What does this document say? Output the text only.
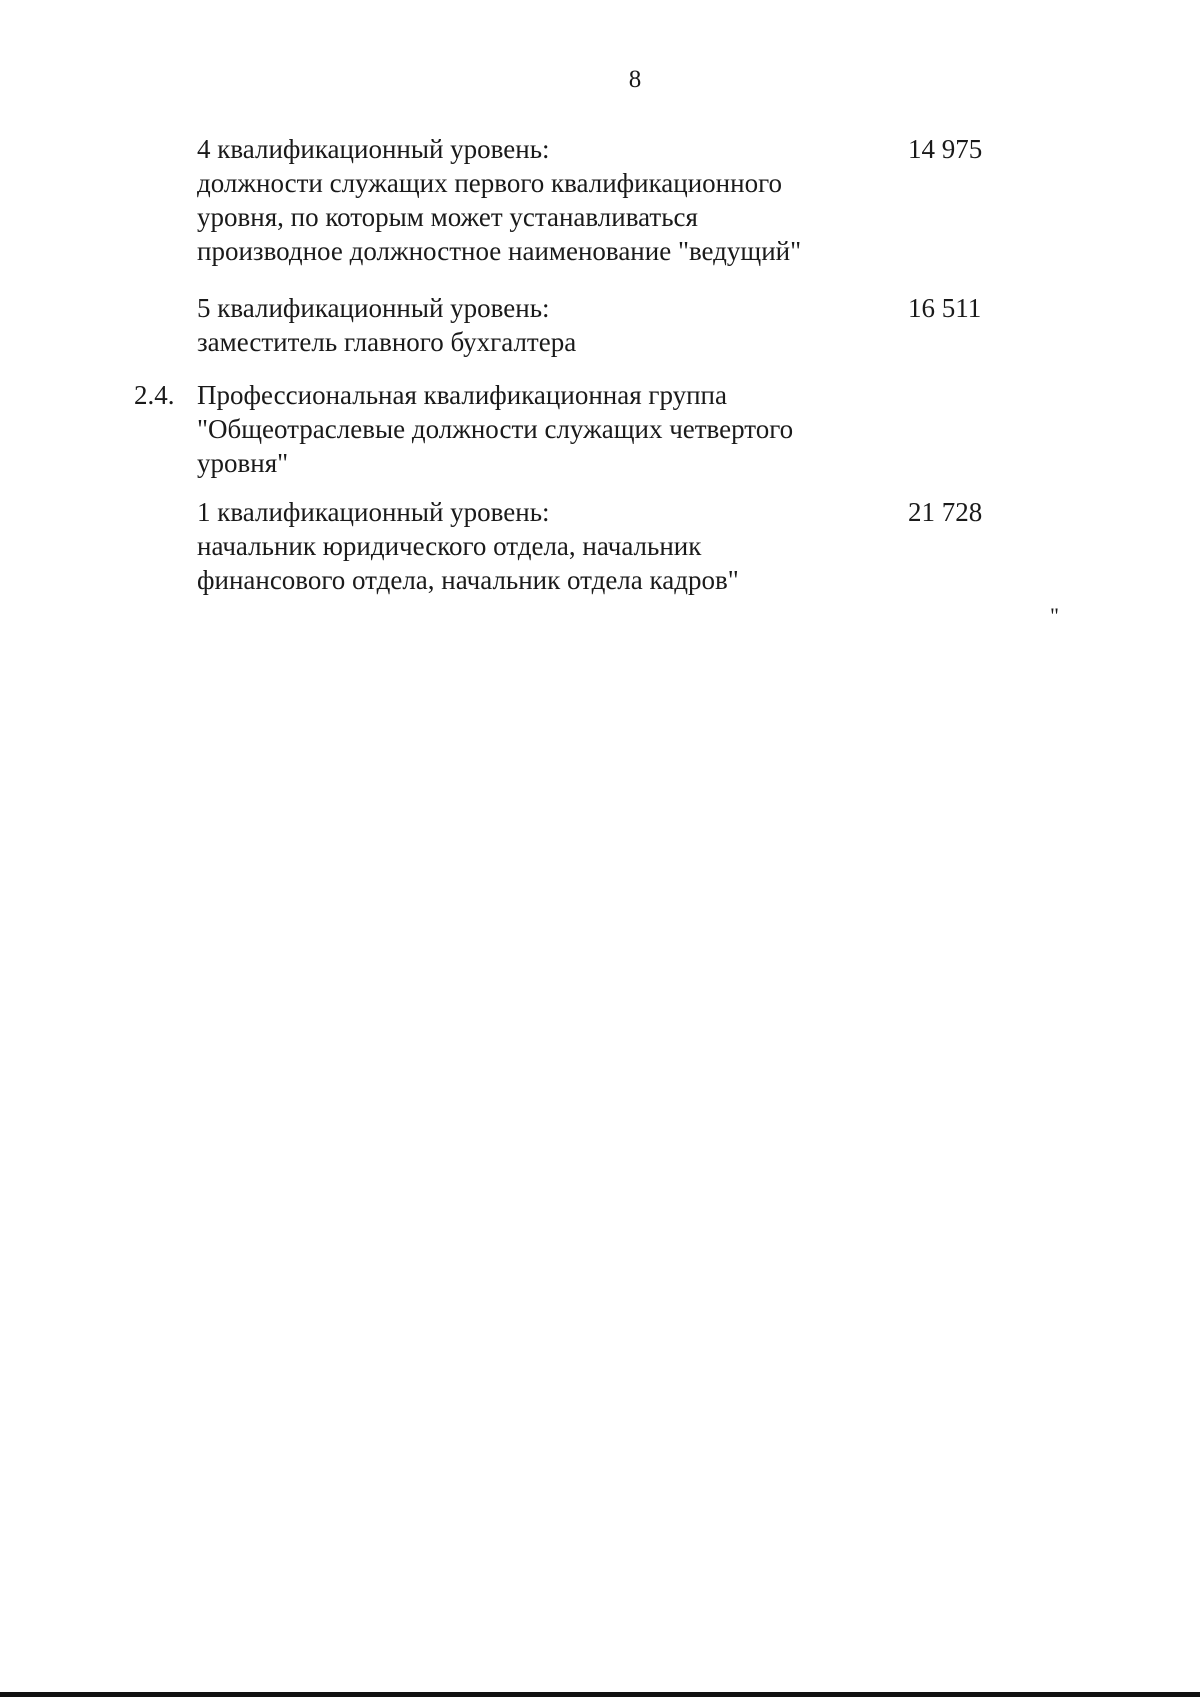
8
4 квалификационный уровень:
должности служащих первого квалификационного
уровня, по которым может устанавливаться
производное должностное наименование "ведущий"
14 975
5 квалификационный уровень:
заместитель главного бухгалтера
16 511
2.4. Профессиональная квалификационная группа
"Общеотраслевые должности служащих четвертого
уровня"
1 квалификационный уровень:
начальник юридического отдела, начальник
финансового отдела, начальник отдела кадров"
21 728
"
